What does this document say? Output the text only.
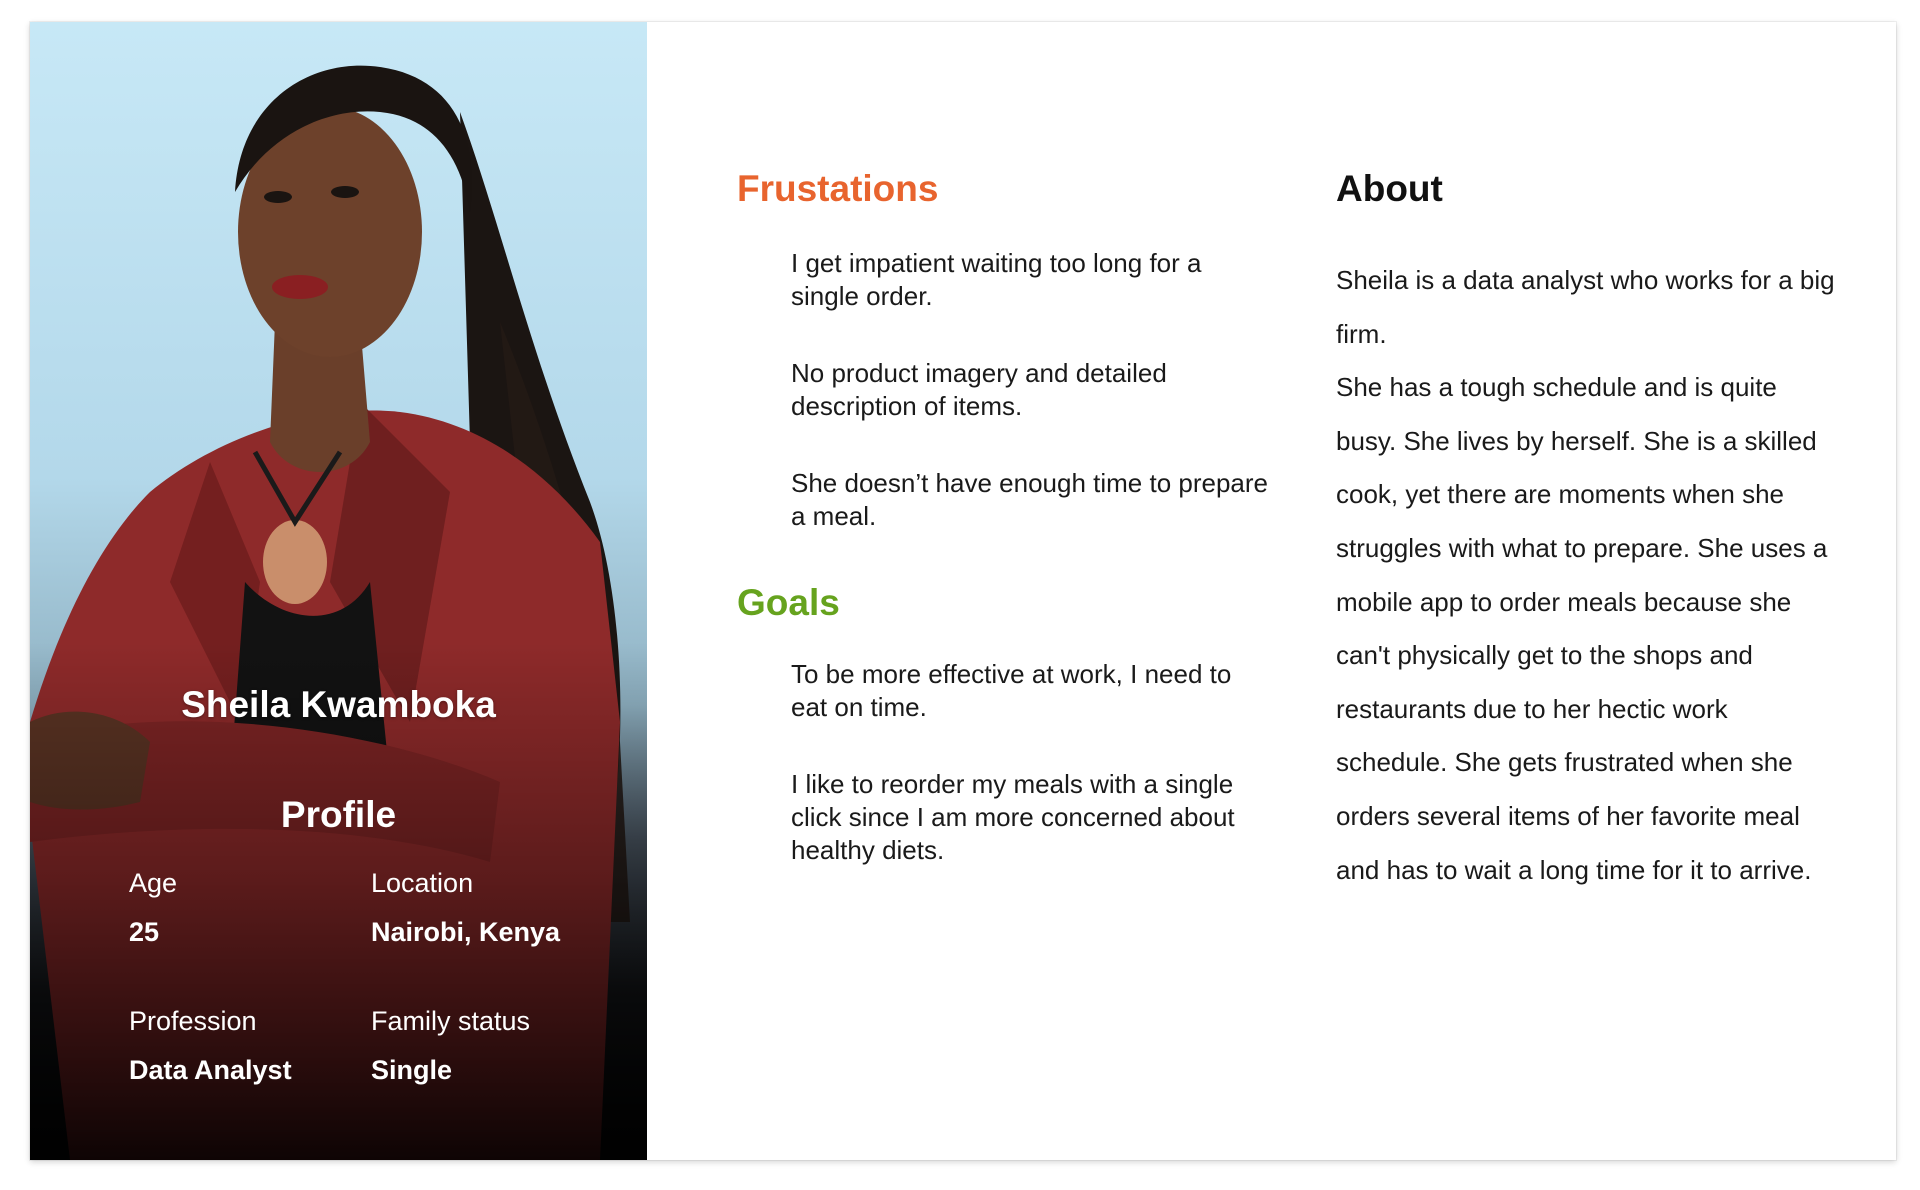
Sheila Kwamboka
Profile
Age
25
Location
Nairobi, Kenya
Profession
Data Analyst
Family status
Single
Frustations

I get impatient waiting too long for a single order.

No product imagery and detailed description of items.

She doesn’t have enough time to prepare a meal.

Goals

To be more effective at work, I need to eat on time.

I like to reorder my meals with a single click since I am more concerned about healthy diets.

About

Sheila is a data analyst who works for a big firm.
She has a tough schedule and is quite busy. She lives by herself. She is a skilled cook, yet there are moments when she struggles with what to prepare. She uses a mobile app to order meals because she can't physically get to the shops and restaurants due to her hectic work schedule. She gets frustrated when she orders several items of her favorite meal and has to wait a long time for it to arrive.
